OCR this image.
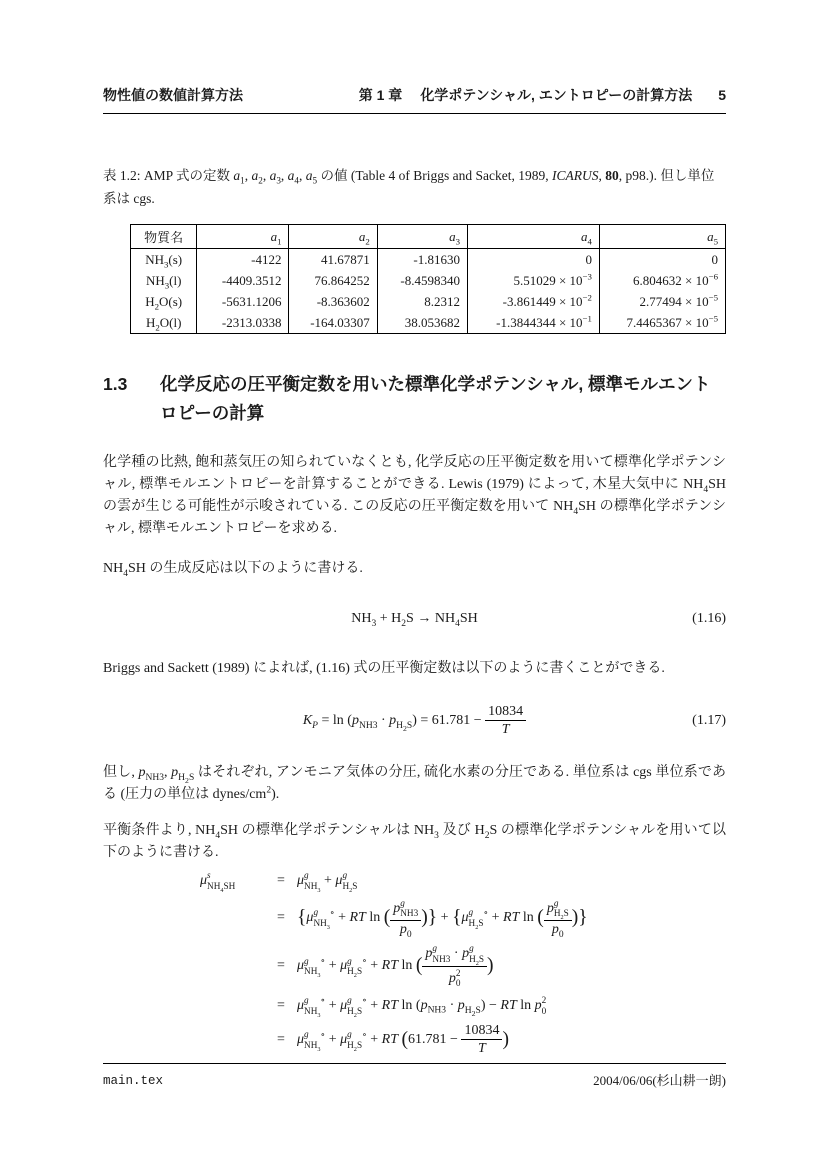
物性値の数値計算方法	第 1 章 化学ポテンシャル, エントロピーの計算方法 5
表 1.2: AMP 式の定数 $a_1$, $a_2$, $a_3$, $a_4$, $a_5$ の値 (Table 4 of Briggs and Sacket, 1989, ICARUS, 80, p98.). 但し単位系は cgs.
物質名	$a_1$	$a_2$	$a_3$	$a_4$	$a_5$
$NH_3(s)$	-4122	41.67871	-1.81630	0	0
$NH_3(l)$	-4409.3512	76.864252	-8.4598340	$5.51029 \times 10^{-3}$	$6.804632 \times 10^{-6}$
$H_2O(s)$	-5631.1206	-8.363602	8.2312	$-3.861449 \times 10^{-2}$	$2.77494 \times 10^{-5}$
$H_2O(l)$	-2313.0338	-164.03307	38.053682	$-1.3844344 \times 10^{-1}$	$7.4465367 \times 10^{-5}$
1.3	化学反応の圧平衡定数を用いた標準化学ポテンシャル, 標準モルエントロピーの計算

化学種の比熱, 飽和蒸気圧の知られていなくとも, 化学反応の圧平衡定数を用いて標準化学ポテンシャル, 標準モルエントロピーを計算することができる. Lewis (1979) によって, 木星大気中に $NH_4SH$ の雲が生じる可能性が示唆されている. この反応の圧平衡定数を用いて $NH_4SH$ の標準化学ポテンシャル, 標準モルエントロピーを求める.

$NH_4SH$ の生成反応は以下のように書ける.

$NH_3 + H_2S \to NH_4SH$	(1.16)

Briggs and Sackett (1989) によれば, (1.16) 式の圧平衡定数は以下のように書くことができる.

$K_P = \ln (p_{NH3} \cdot p_{H_2S}) = 61.781 - \frac{10834}{T}$	(1.17)

但し, $p_{NH3}$, $p_{H_2S}$ はそれぞれ, アンモニア気体の分圧, 硫化水素の分圧である. 単位系は cgs 単位系である (圧力の単位は dynes/$cm^2$).

平衡条件より, $NH_4SH$ の標準化学ポテンシャルは $NH_3$ 及び $H_2S$ の標準化学ポテンシャルを用いて以下のように書ける.

μ s
$NH_4SH$	= μ g
$NH_3$
+ μ g
$H_2S$
= {μ g
$NH_3$
∘ + RT ln ( p g
NH3
$p_0$
)} + {μ g
$H_2S$
∘ + RT ln ( p g
$H_2S$
$p_0$
)}
= μ g
$NH_3$
∘ + μ g
$H_2S$
∘ + RT ln (
p g
NH3 · p g
$H_2S$
p 2
0
)
= μ g
$NH_3$
∘ + μ g
$H_2S$
∘ + RT $\ln (p_{NH3} \cdot p_{H_2S})$ − RT ln p 2
0
= μ g
$NH_3$
∘ + μ g
$H_2S$
∘ + RT ($61.781 - \frac{10834}{T}$ )
main.tex	2004/06/06(杉山耕一朗)
